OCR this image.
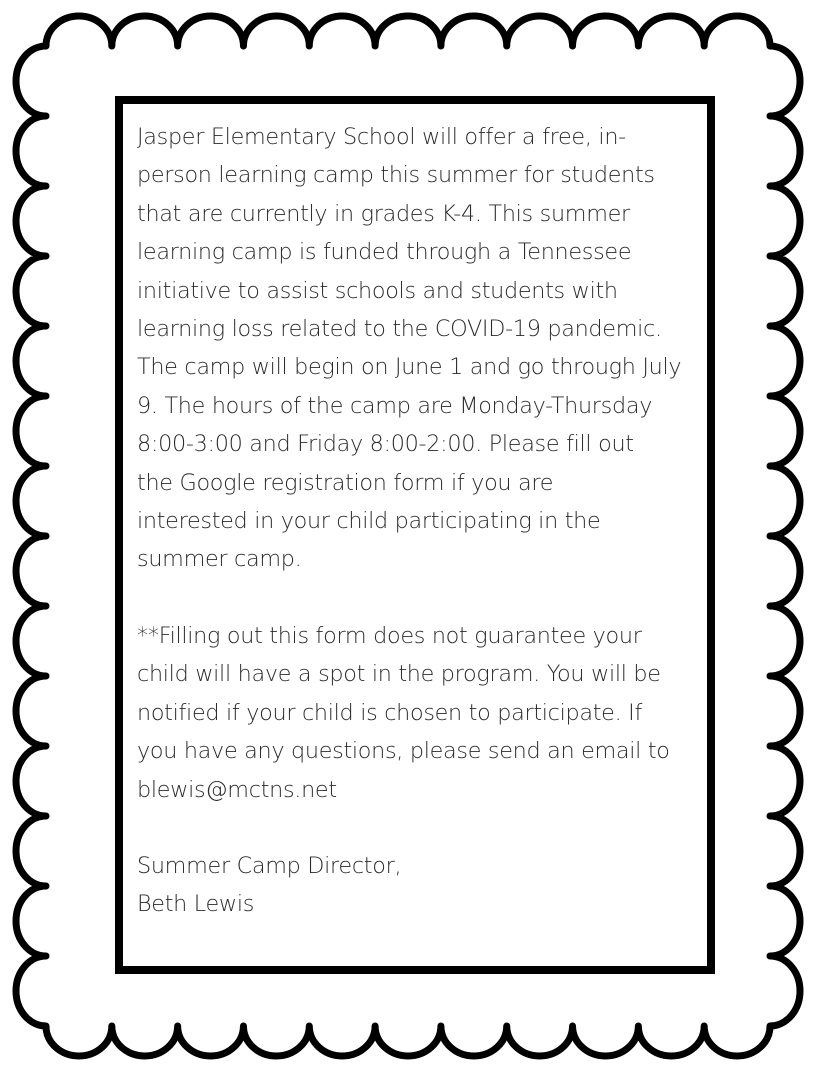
Jasper Elementary School will offer a free, in-
person learning camp this summer for students
that are currently in grades K-4. This summer
learning camp is funded through a Tennessee
initiative to assist schools and students with
learning loss related to the COVID-19 pandemic.
The camp will begin on June 1 and go through July
9. The hours of the camp are Monday-Thursday
8:00-3:00 and Friday 8:00-2:00. Please fill out
the Google registration form if you are
interested in your child participating in the
summer camp.

**Filling out this form does not guarantee your
child will have a spot in the program. You will be
notified if your child is chosen to participate. If
you have any questions, please send an email to
blewis@mctns.net

Summer Camp Director,
Beth Lewis
